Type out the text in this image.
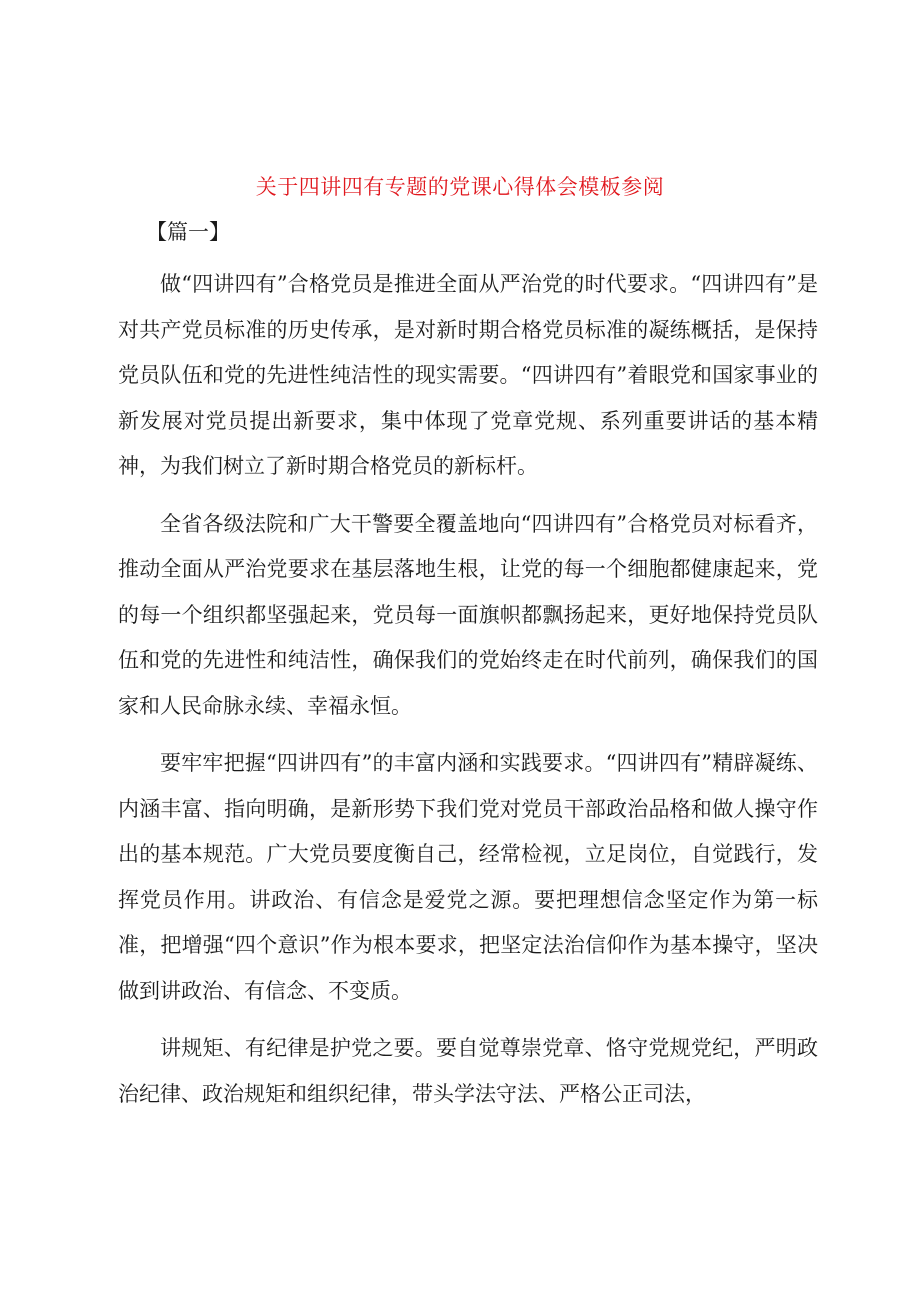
关于四讲四有专题的党课心得体会模板参阅
【篇一】

做“四讲四有”合格党员是推进全面从严治党的时代要求。“四讲四有”是对共产党员标准的历史传承，是对新时期合格党员标准的凝练概括，是保持党员队伍和党的先进性纯洁性的现实需要。“四讲四有”着眼党和国家事业的新发展对党员提出新要求，集中体现了党章党规、系列重要讲话的基本精神，为我们树立了新时期合格党员的新标杆。

全省各级法院和广大干警要全覆盖地向“四讲四有”合格党员对标看齐，推动全面从严治党要求在基层落地生根，让党的每一个细胞都健康起来，党的每一个组织都坚强起来，党员每一面旗帜都飘扬起来，更好地保持党员队伍和党的先进性和纯洁性，确保我们的党始终走在时代前列，确保我们的国家和人民命脉永续、幸福永恒。

要牢牢把握“四讲四有”的丰富内涵和实践要求。“四讲四有”精辟凝练、内涵丰富、指向明确，是新形势下我们党对党员干部政治品格和做人操守作出的基本规范。广大党员要度衡自己，经常检视，立足岗位，自觉践行，发挥党员作用。讲政治、有信念是爱党之源。要把理想信念坚定作为第一标准，把增强“四个意识”作为根本要求，把坚定法治信仰作为基本操守，坚决做到讲政治、有信念、不变质。

讲规矩、有纪律是护党之要。要自觉尊崇党章、恪守党规党纪，严明政治纪律、政治规矩和组织纪律，带头学法守法、严格公正司法，
